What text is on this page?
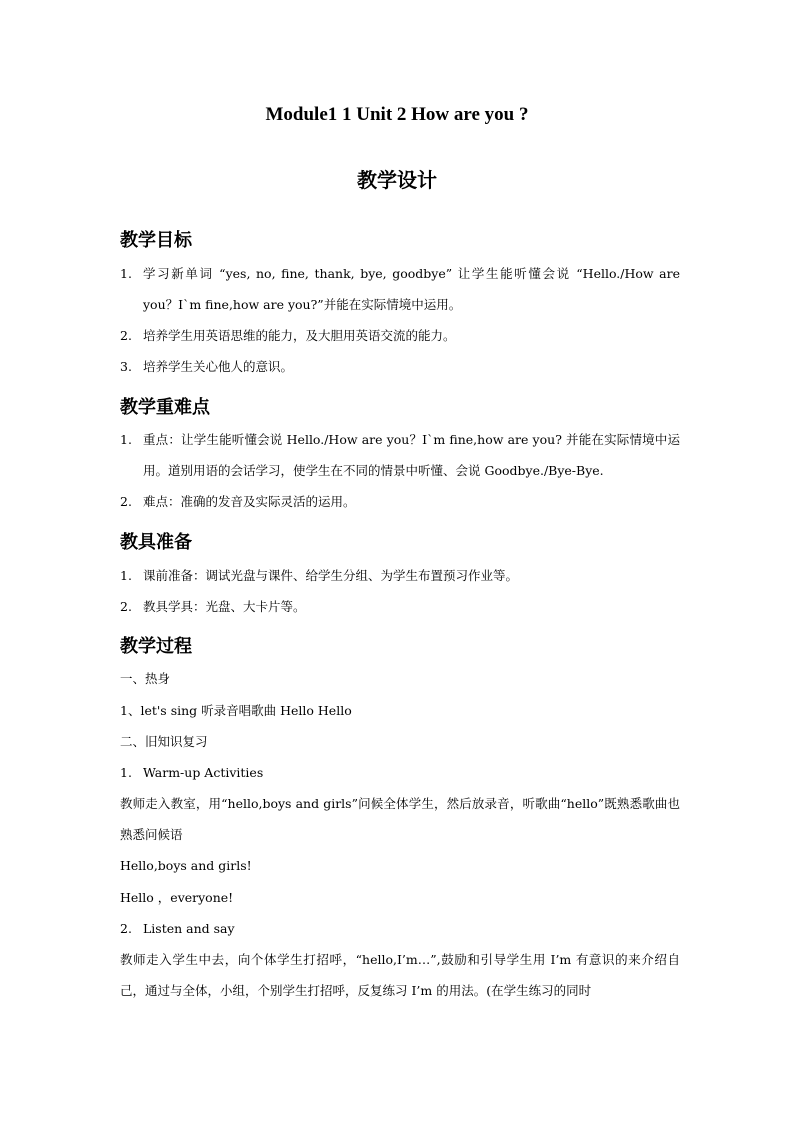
Module1 1 Unit 2 How are you ?
教学设计
教学目标
1. 学习新单词 “yes, no, fine, thank, bye, goodbye” 让学生能听懂会说 “Hello./How are you？I`m fine,how are you?”并能在实际情境中运用。
2. 培养学生用英语思维的能力，及大胆用英语交流的能力。
3. 培养学生关心他人的意识。
教学重难点
1. 重点：让学生能听懂会说 Hello./How are you？I`m fine,how are you? 并能在实际情境中运用。道别用语的会话学习，使学生在不同的情景中听懂、会说 Goodbye./Bye-Bye.
2. 难点：准确的发音及实际灵活的运用。
教具准备
1. 课前准备：调试光盘与课件、给学生分组、为学生布置预习作业等。
2. 教具学具：光盘、大卡片等。
教学过程
一、热身
1、let's sing 听录音唱歌曲 Hello Hello
二、旧知识复习
1. Warm-up Activities
教师走入教室，用“hello,boys and girls”问候全体学生，然后放录音，听歌曲“hello”既熟悉歌曲也熟悉问候语
Hello,boys and girls!
Hello ，everyone!
2. Listen and say
教师走入学生中去，向个体学生打招呼，“hello,I’m…”,鼓励和引导学生用 I’m 有意识的来介绍自己，通过与全体，小组，个别学生打招呼，反复练习 I’m 的用法。(在学生练习的同时
